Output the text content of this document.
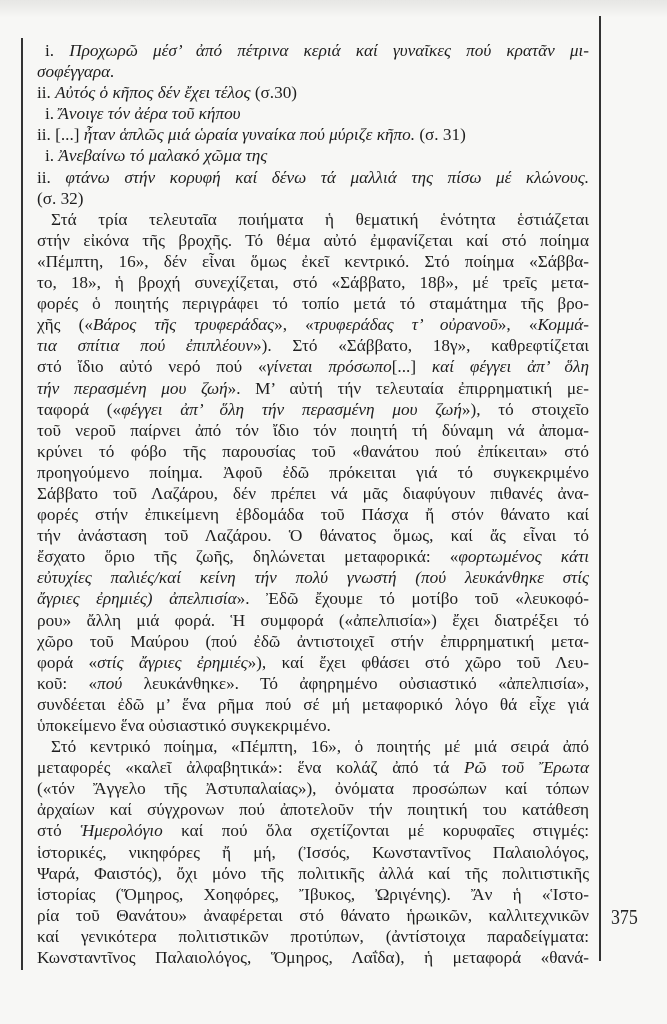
i. Προχωρῶ μέσ’ ἀπό πέτρινα κεριά καί γυναῖκες πού κρατᾶν μι-
σοφέγγαρα.
ii. Αὐτός ὁ κῆπος δέν ἔχει τέλος (σ.30)
i. Ἄνοιγε τόν ἀέρα τοῦ κήπου
ii. [...] ἦταν ἁπλῶς μιά ὡραία γυναίκα πού μύριζε κῆπο. (σ. 31)
i. Ἀνεβαίνω τό μαλακό χῶμα της
ii. φτάνω στήν κορυφή καί δένω τά μαλλιά της πίσω μέ κλώνους.
(σ. 32)
Στά τρία τελευταῖα ποιήματα ἡ θεματική ἑνότητα ἑστιάζεται
στήν εἰκόνα τῆς βροχῆς. Τό θέμα αὐτό ἐμφανίζεται καί στό ποίημα
«Πέμπτη, 16», δέν εἶναι ὅμως ἐκεῖ κεντρικό. Στό ποίημα «Σάββα-
το, 18», ἡ βροχή συνεχίζεται, στό «Σάββατο, 18β», μέ τρεῖς μετα-
φορές ὁ ποιητής περιγράφει τό τοπίο μετά τό σταμάτημα τῆς βρο-
χῆς («Βάρος τῆς τρυφεράδας», «τρυφεράδας τ’ οὐρανοῦ», «Κομμά-
τια σπίτια πού ἐπιπλέουν»). Στό «Σάββατο, 18γ», καθρεφτίζεται
στό ἴδιο αὐτό νερό πού «γίνεται πρόσωπο[...] καί φέγγει ἀπ’ ὅλη
τήν περασμένη μου ζωή». Μ’ αὐτή τήν τελευταία ἐπιρρηματική με-
ταφορά («φέγγει ἀπ’ ὅλη τήν περασμένη μου ζωή»), τό στοιχεῖο
τοῦ νεροῦ παίρνει ἀπό τόν ἴδιο τόν ποιητή τή δύναμη νά ἀπομα-
κρύνει τό φόβο τῆς παρουσίας τοῦ «θανάτου πού ἐπίκειται» στό
προηγούμενο ποίημα. Ἀφοῦ ἐδῶ πρόκειται γιά τό συγκεκριμένο
Σάββατο τοῦ Λαζάρου, δέν πρέπει νά μᾶς διαφύγουν πιθανές ἀνα-
φορές στήν ἐπικείμενη ἑβδομάδα τοῦ Πάσχα ἤ στόν θάνατο καί
τήν ἀνάσταση τοῦ Λαζάρου. Ὁ θάνατος ὅμως, καί ἄς εἶναι τό
ἔσχατο ὅριο τῆς ζωῆς, δηλώνεται μεταφορικά: «φορτωμένος κάτι
εὐτυχίες παλιές/καί κείνη τήν πολύ γνωστή (πού λευκάνθηκε στίς
ἄγριες ἐρημιές) ἀπελπισία». Ἐδῶ ἔχουμε τό μοτίβο τοῦ «λευκοφό-
ρου» ἄλλη μιά φορά. Ἡ συμφορά («ἀπελπισία») ἔχει διατρέξει τό
χῶρο τοῦ Μαύρου (πού ἐδῶ ἀντιστοιχεῖ στήν ἐπιρρηματική μετα-
φορά «στίς ἄγριες ἐρημιές»), καί ἔχει φθάσει στό χῶρο τοῦ Λευ-
κοῦ: «πού λευκάνθηκε». Τό ἀφηρημένο οὐσιαστικό «ἀπελπισία»,
συνδέεται ἐδῶ μ’ ἕνα ρῆμα πού σέ μή μεταφορικό λόγο θά εἶχε γιά
ὑποκείμενο ἕνα οὐσιαστικό συγκεκριμένο.
Στό κεντρικό ποίημα, «Πέμπτη, 16», ὁ ποιητής μέ μιά σειρά ἀπό
μεταφορές «καλεῖ ἀλφαβητικά»: ἕνα κολάζ ἀπό τά Ρῶ τοῦ Ἔρωτα
(«τόν Ἄγγελο τῆς Ἀστυπαλαίας»), ὀνόματα προσώπων καί τόπων
ἀρχαίων καί σύγχρονων πού ἀποτελοῦν τήν ποιητική του κατάθεση
στό Ἡμερολόγιο καί πού ὅλα σχετίζονται μέ κορυφαῖες στιγμές:
ἱστορικές, νικηφόρες ἤ μή, (Ἰσσός, Κωνσταντῖνος Παλαιολόγος,
Ψαρά, Φαιστός), ὄχι μόνο τῆς πολιτικῆς ἀλλά καί τῆς πολιτιστικῆς
ἱστορίας (Ὅμηρος, Χοηφόρες, Ἴβυκος, Ὠριγένης). Ἄν ἡ «Ἱστο-
ρία τοῦ Θανάτου» ἀναφέρεται στό θάνατο ἡρωικῶν, καλλιτεχνικῶν
καί γενικότερα πολιτιστικῶν προτύπων, (ἀντίστοιχα παραδείγματα:
Κωνσταντῖνος Παλαιολόγος, Ὅμηρος, Λαΐδα), ἡ μεταφορά «θανά-
375
